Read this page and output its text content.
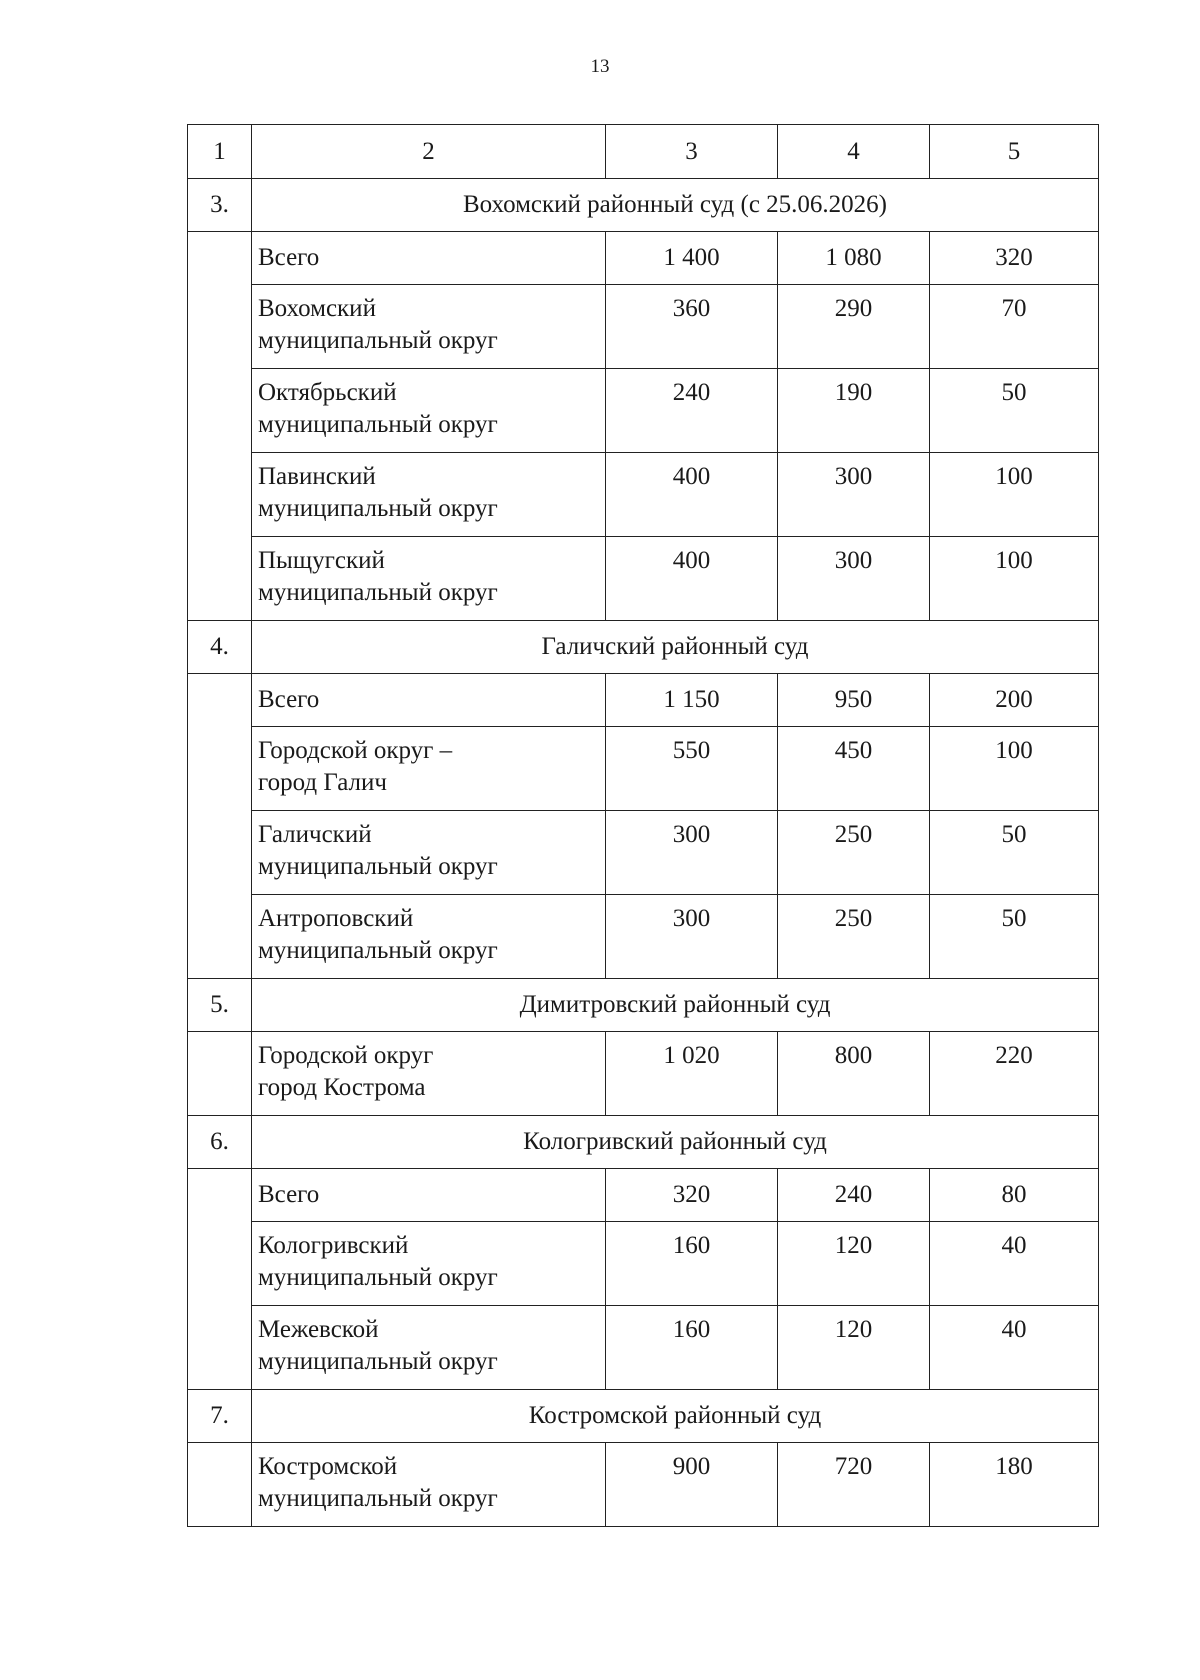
13
1	2	3	4	5
3.	Вохомский районный суд (с 25.06.2026)			

	Всего	1 400	1 080	320

	Вохомский
муниципальный округ	360	290	70

	Октябрьский
муниципальный округ	240	190	50

	Павинский
муниципальный округ	400	300	100

	Пыщугский
муниципальный округ	400	300	100
4.	Галичский районный суд			

	Всего	1 150	950	200

	Городской округ –
город Галич	550	450	100

	Галичский
муниципальный округ	300	250	50

	Антроповский
муниципальный округ	300	250	50
5.	Димитровский районный суд			

	Городской округ
город Кострома	1 020	800	220
6.	Кологривский районный суд			

	Всего	320	240	80

	Кологривский
муниципальный округ	160	120	40

	Межевской
муниципальный округ	160	120	40
7.	Костромской районный суд			

	Костромской
муниципальный округ	900	720	180
